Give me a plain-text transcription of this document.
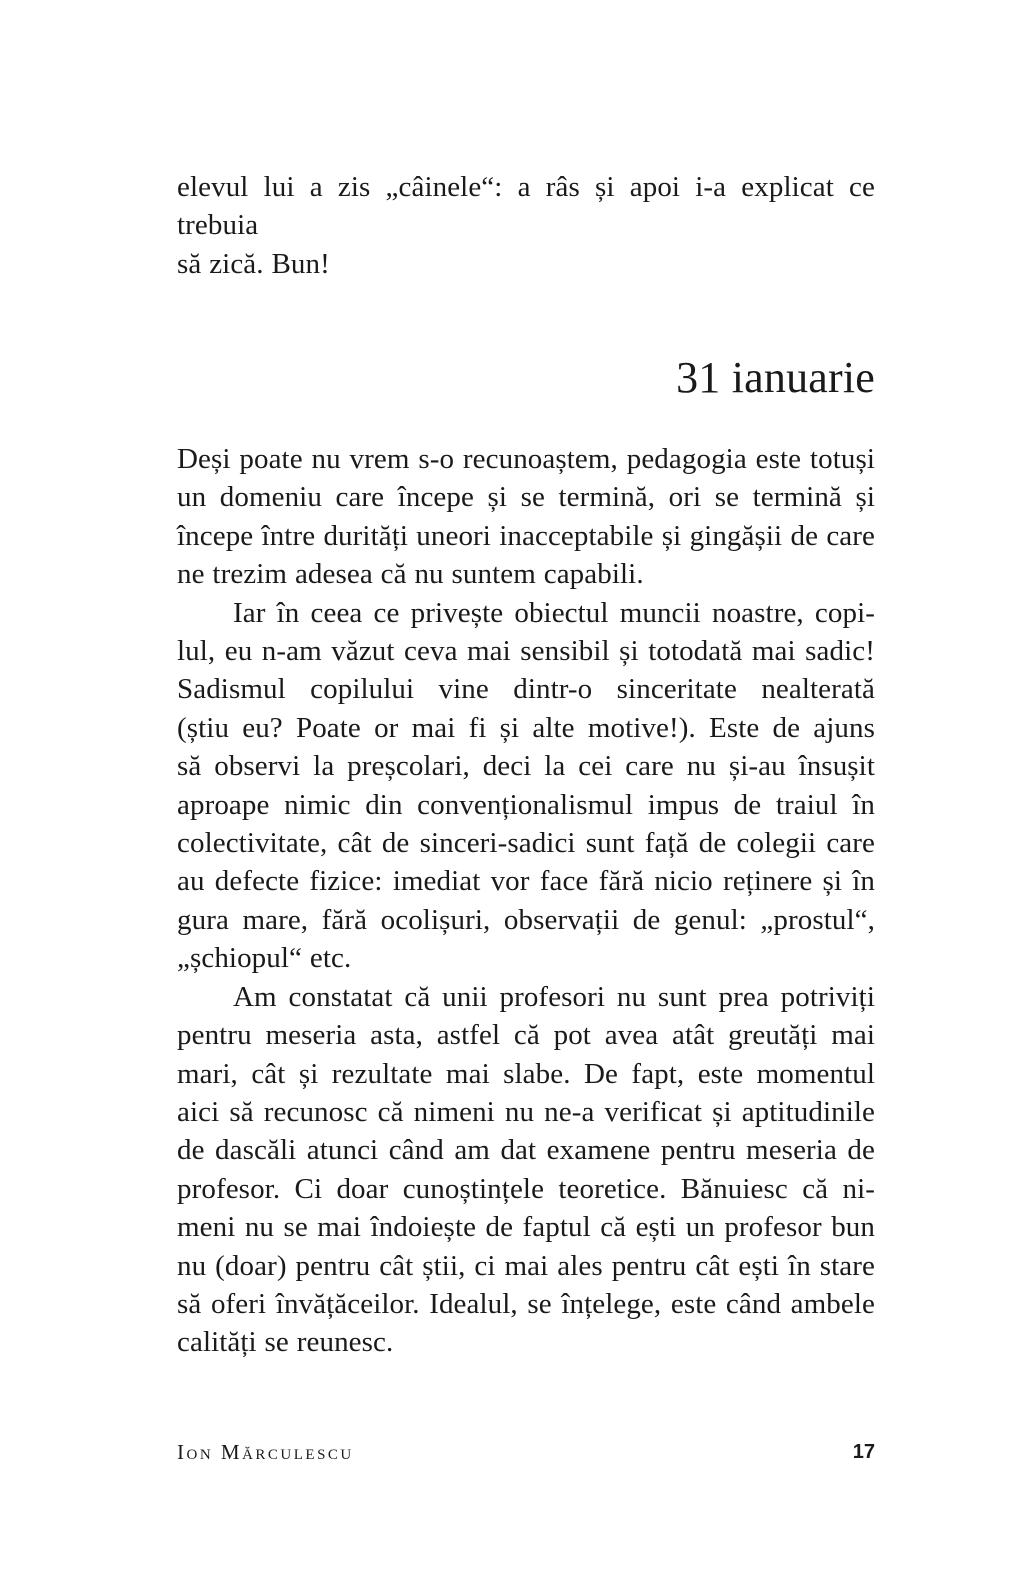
elevul lui a zis „câinele“: a râs și apoi i-a explicat ce trebuia

să zică. Bun!

31 ianuarie

Deși poate nu vrem s-o recunoaștem, pedagogia este totuși

un domeniu care începe și se termină, ori se termină și

începe între durități uneori inacceptabile și gingășii de care

ne trezim adesea că nu suntem capabili.

Iar în ceea ce privește obiectul muncii noastre, copi-

lul, eu n-am văzut ceva mai sensibil și totodată mai sadic!

Sadismul copilului vine dintr-o sinceritate nealterată

(știu eu? Poate or mai fi și alte motive!). Este de ajuns

să observi la preșcolari, deci la cei care nu și-au însușit

aproape nimic din convenționalismul impus de traiul în

colectivitate, cât de sinceri-sadici sunt față de colegii care

au defecte fizice: imediat vor face fără nicio reținere și în

gura mare, fără ocolișuri, observații de genul: „prostul“,

„șchiopul“ etc.

Am constatat că unii profesori nu sunt prea potriviți

pentru meseria asta, astfel că pot avea atât greutăți mai

mari, cât și rezultate mai slabe. De fapt, este momentul

aici să recunosc că nimeni nu ne-a verificat și aptitudinile

de dascăli atunci când am dat examene pentru meseria de

profesor. Ci doar cunoștințele teoretice. Bănuiesc că ni-

meni nu se mai îndoiește de faptul că ești un profesor bun

nu (doar) pentru cât știi, ci mai ales pentru cât ești în stare

să oferi învățăceilor. Idealul, se înțelege, este când ambele

calități se reunesc.

Ion Mărculescu	17
